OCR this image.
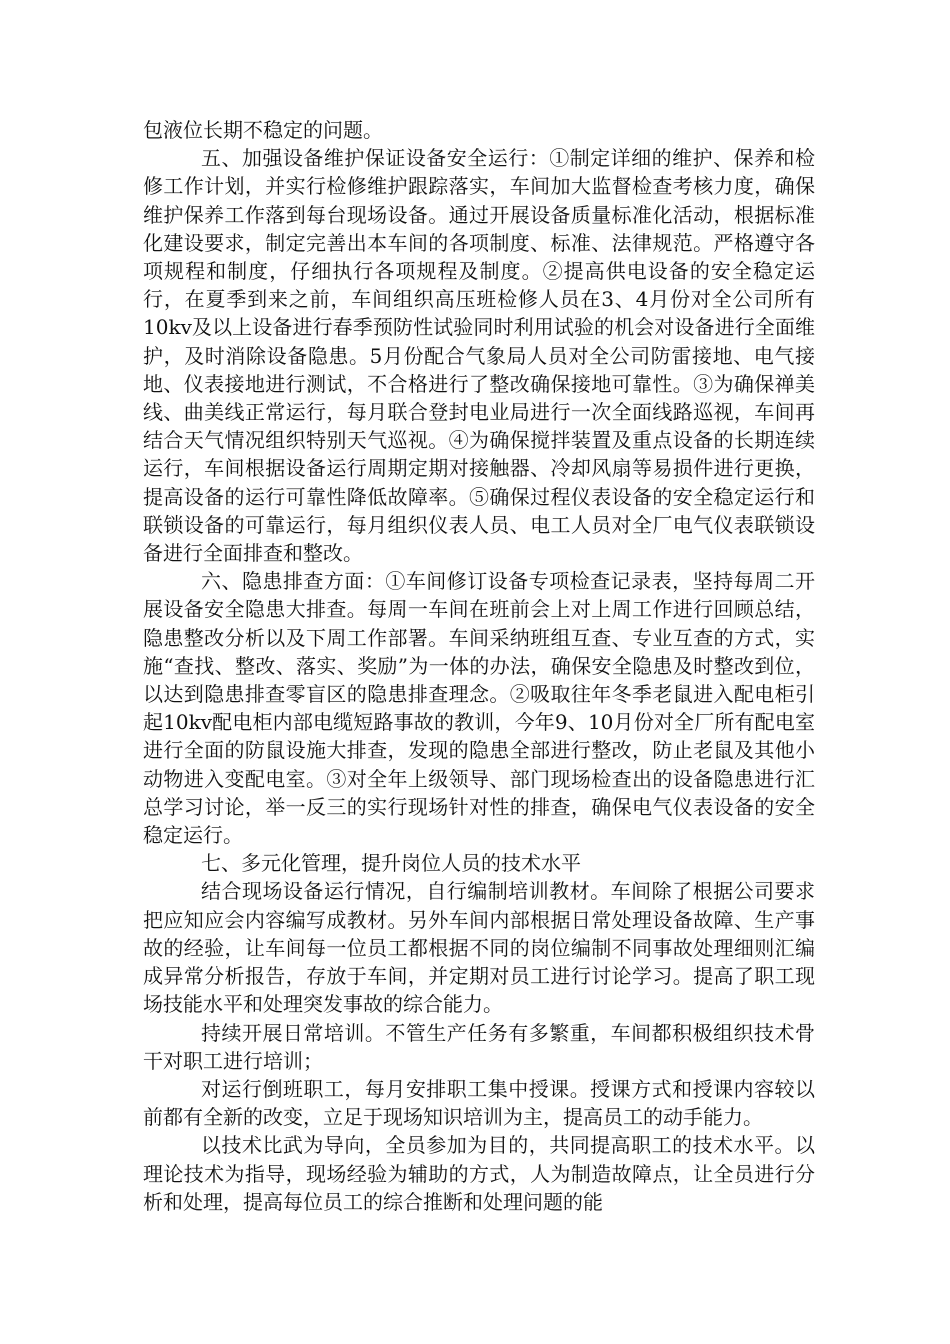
包液位长期不稳定的问题。

五、加强设备维护保证设备安全运行：①制定详细的维护、保养和检修工作计划，并实行检修维护跟踪落实，车间加大监督检查考核力度，确保维护保养工作落到每台现场设备。通过开展设备质量标准化活动，根据标准化建设要求，制定完善出本车间的各项制度、标准、法律规范。严格遵守各项规程和制度，仔细执行各项规程及制度。②提高供电设备的安全稳定运行，在夏季到来之前，车间组织高压班检修人员在3、4月份对全公司所有10kv及以上设备进行春季预防性试验同时利用试验的机会对设备进行全面维护，及时消除设备隐患。5月份配合气象局人员对全公司防雷接地、电气接地、仪表接地进行测试，不合格进行了整改确保接地可靠性。③为确保禅美线、曲美线正常运行，每月联合登封电业局进行一次全面线路巡视，车间再结合天气情况组织特别天气巡视。④为确保搅拌装置及重点设备的长期连续运行，车间根据设备运行周期定期对接触器、冷却风扇等易损件进行更换，提高设备的运行可靠性降低故障率。⑤确保过程仪表设备的安全稳定运行和联锁设备的可靠运行，每月组织仪表人员、电工人员对全厂电气仪表联锁设备进行全面排查和整改。

六、隐患排查方面：①车间修订设备专项检查记录表，坚持每周二开展设备安全隐患大排查。每周一车间在班前会上对上周工作进行回顾总结，隐患整改分析以及下周工作部署。车间采纳班组互查、专业互查的方式，实施“查找、整改、落实、奖励”为一体的办法，确保安全隐患及时整改到位，以达到隐患排查零盲区的隐患排查理念。②吸取往年冬季老鼠进入配电柜引起10kv配电柜内部电缆短路事故的教训，今年9、10月份对全厂所有配电室进行全面的防鼠设施大排查，发现的隐患全部进行整改，防止老鼠及其他小动物进入变配电室。③对全年上级领导、部门现场检查出的设备隐患进行汇总学习讨论，举一反三的实行现场针对性的排查，确保电气仪表设备的安全稳定运行。

七、多元化管理，提升岗位人员的技术水平

结合现场设备运行情况，自行编制培训教材。车间除了根据公司要求把应知应会内容编写成教材。另外车间内部根据日常处理设备故障、生产事故的经验，让车间每一位员工都根据不同的岗位编制不同事故处理细则汇编成异常分析报告，存放于车间，并定期对员工进行讨论学习。提高了职工现场技能水平和处理突发事故的综合能力。

持续开展日常培训。不管生产任务有多繁重，车间都积极组织技术骨干对职工进行培训；

对运行倒班职工，每月安排职工集中授课。授课方式和授课内容较以前都有全新的改变，立足于现场知识培训为主，提高员工的动手能力。

以技术比武为导向，全员参加为目的，共同提高职工的技术水平。以理论技术为指导，现场经验为辅助的方式，人为制造故障点，让全员进行分析和处理，提高每位员工的综合推断和处理问题的能
